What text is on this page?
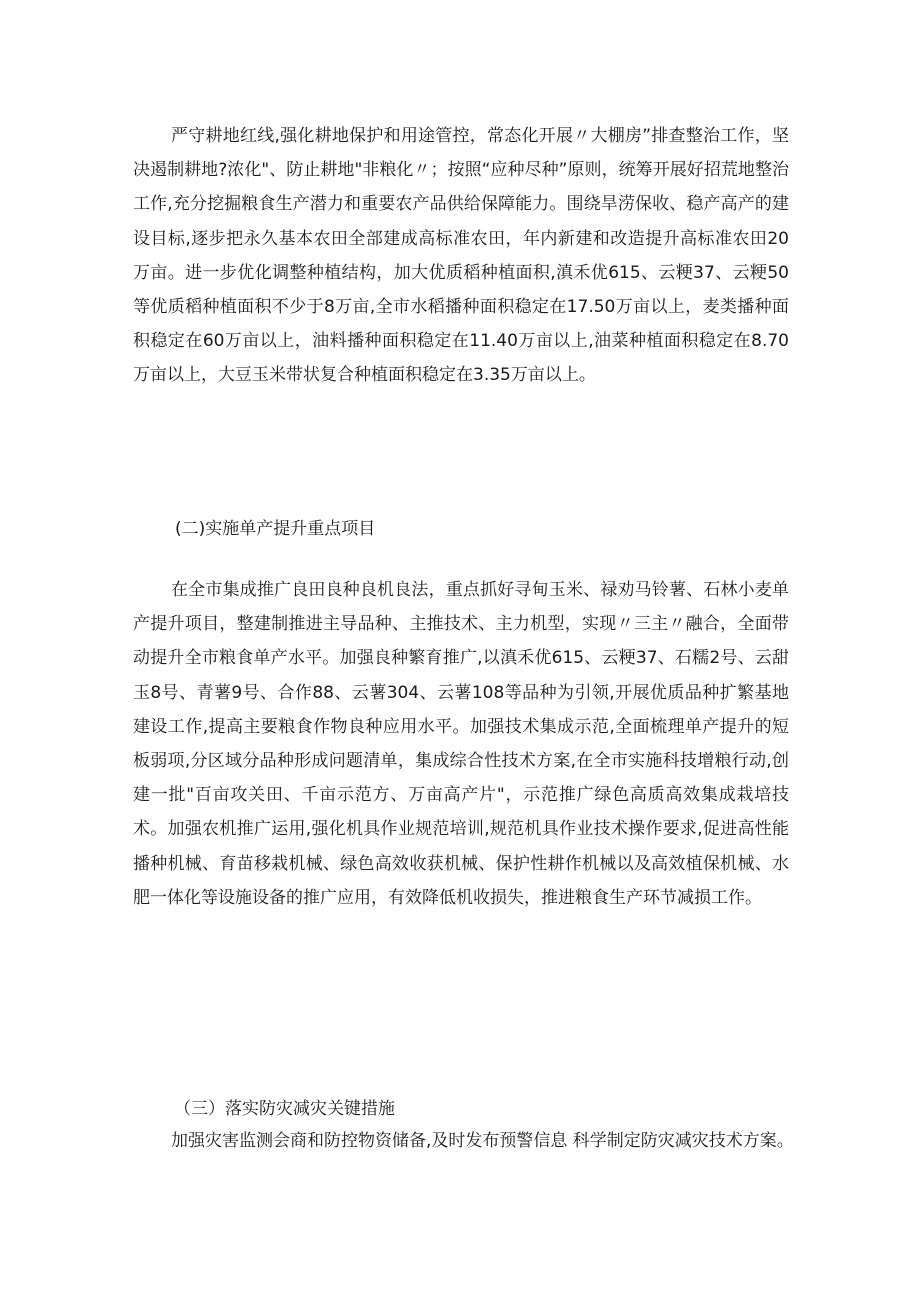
严守耕地红线,强化耕地保护和用途管控，常态化开展〃大棚房”排查整治工作，坚决遏制耕地?浓化"、防止耕地"非粮化〃；按照“应种尽种”原则，统筹开展好招荒地整治工作,充分挖掘粮食生产潜力和重要农产品供给保障能力。围绕旱涝保收、稳产高产的建设目标,逐步把永久基本农田全部建成高标准农田，年内新建和改造提升高标准农田20万亩。进一步优化调整种植结构，加大优质稻种植面积,滇禾优615、云粳37、云粳50等优质稻种植面积不少于8万亩,全市水稻播种面积稳定在17.50万亩以上，麦类播种面积稳定在60万亩以上，油料播种面积稳定在11.40万亩以上,油菜种植面积稳定在8.70万亩以上，大豆玉米带状复合种植面积稳定在3.35万亩以上。

(二)实施单产提升重点项目

在全市集成推广良田良种良机良法，重点抓好寻甸玉米、禄劝马铃薯、石林小麦单产提升项目，整建制推进主导品种、主推技术、主力机型，实现〃三主〃融合，全面带动提升全市粮食单产水平。加强良种繁育推广,以滇禾优615、云粳37、石糯2号、云甜玉8号、青薯9号、合作88、云薯304、云薯108等品种为引领,开展优质品种扩繁基地建设工作,提高主要粮食作物良种应用水平。加强技术集成示范,全面梳理单产提升的短板弱项,分区域分品种形成问题清单，集成综合性技术方案,在全市实施科技增粮行动,创建一批"百亩攻关田、千亩示范方、万亩高产片"，示范推广绿色高质高效集成栽培技术。加强农机推广运用,强化机具作业规范培训,规范机具作业技术操作要求,促进高性能播种机械、育苗移栽机械、绿色高效收获机械、保护性耕作机械以及高效植保机械、水肥一体化等设施设备的推广应用，有效降低机收损失，推进粮食生产环节减损工作。

（三）落实防灾减灾关键措施

加强灾害监测会商和防控物资储备,及时发布预警信息 科学制定防灾减灾技术方案。
